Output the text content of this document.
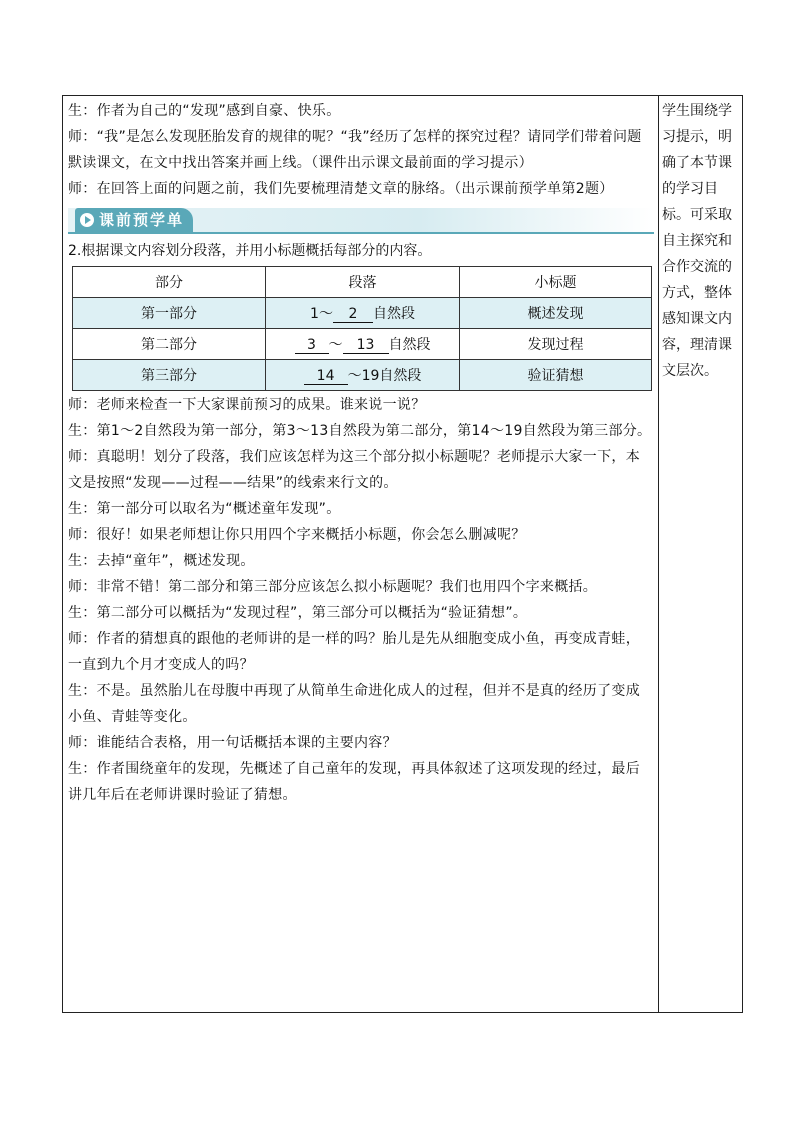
生：作者为自己的“发现”感到自豪、快乐。

师：“我”是怎么发现胚胎发育的规律的呢？“我”经历了怎样的探究过程？请同学们带着问题默读课文，在文中找出答案并画上线。（课件出示课文最前面的学习提示）

师：在回答上面的问题之前，我们先要梳理清楚文章的脉络。（出示课前预学单第2题）

课前预学单

2.根据课文内容划分段落，并用小标题概括每部分的内容。

部分	段落	小标题
第一部分	1～ 2 自然段	概述发现
第二部分	3 ～ 13 自然段	发现过程
第三部分	14 ～19自然段	验证猜想

师：老师来检查一下大家课前预习的成果。谁来说一说？

生：第1～2自然段为第一部分，第3～13自然段为第二部分，第14～19自然段为第三部分。

师：真聪明！划分了段落，我们应该怎样为这三个部分拟小标题呢？老师提示大家一下，本文是按照“发现——过程——结果”的线索来行文的。

生：第一部分可以取名为“概述童年发现”。

师：很好！如果老师想让你只用四个字来概括小标题，你会怎么删减呢？

生：去掉“童年”，概述发现。

师：非常不错！第二部分和第三部分应该怎么拟小标题呢？我们也用四个字来概括。

生：第二部分可以概括为“发现过程”，第三部分可以概括为“验证猜想”。

师：作者的猜想真的跟他的老师讲的是一样的吗？胎儿是先从细胞变成小鱼，再变成青蛙，一直到九个月才变成人的吗？

生：不是。虽然胎儿在母腹中再现了从简单生命进化成人的过程，但并不是真的经历了变成小鱼、青蛙等变化。

师：谁能结合表格，用一句话概括本课的主要内容？

生：作者围绕童年的发现，先概述了自己童年的发现，再具体叙述了这项发现的经过，最后讲几年后在老师讲课时验证了猜想。

学生围绕学习提示，明确了本节课的学习目标。可采取自主探究和合作交流的方式，整体感知课文内容，理清课文层次。
